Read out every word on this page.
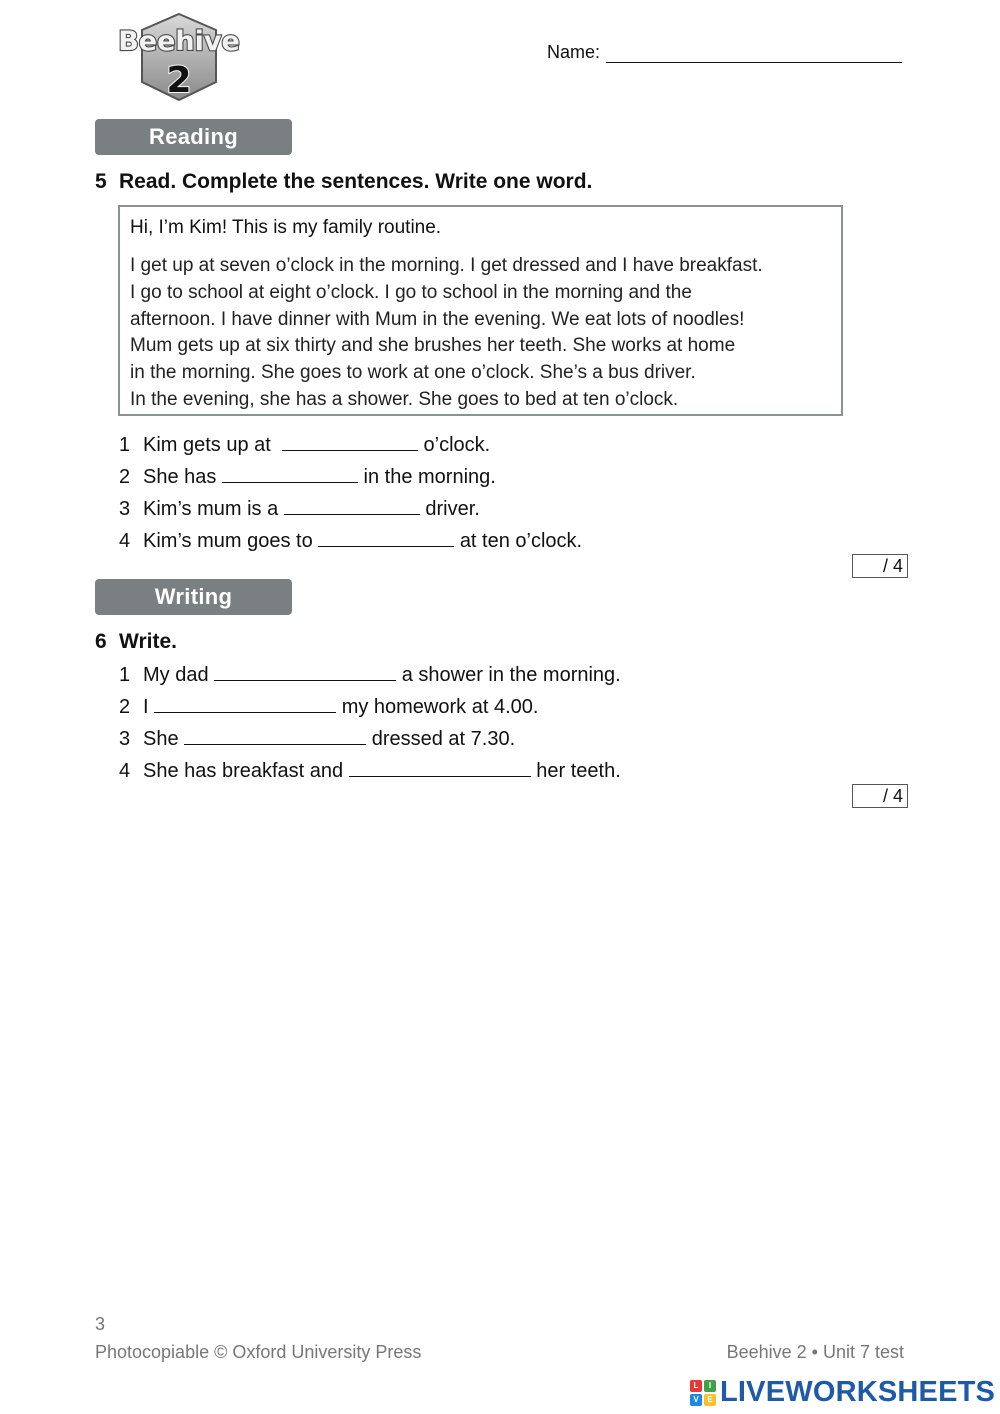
Beehive
2
Name:
Reading
5 Read. Complete the sentences. Write one word.
Hi, I’m Kim! This is my family routine.
I get up at seven o’clock in the morning. I get dressed and I have breakfast.
I go to school at eight o’clock. I go to school in the morning and the
afternoon. I have dinner with Mum in the evening. We eat lots of noodles!
Mum gets up at six thirty and she brushes her teeth. She works at home
in the morning. She goes to work at one o’clock. She’s a bus driver.
In the evening, she has a shower. She goes to bed at ten o’clock.
1 Kim gets up at	o’clock.
2 She has	in the morning.
3 Kim’s mum is a	driver.
4 Kim’s mum goes to	at ten o’clock.
/ 4
Writing
6 Write.
1 My dad	a shower in the morning.
2 I	my homework at 4.00.
3 She	dressed at 7.30.
4 She has breakfast and	her teeth.
/ 4
3
Photocopiable © Oxford University Press	Beehive 2 • Unit 7 test
L	I
V	E LIVEWORKSHEETS
